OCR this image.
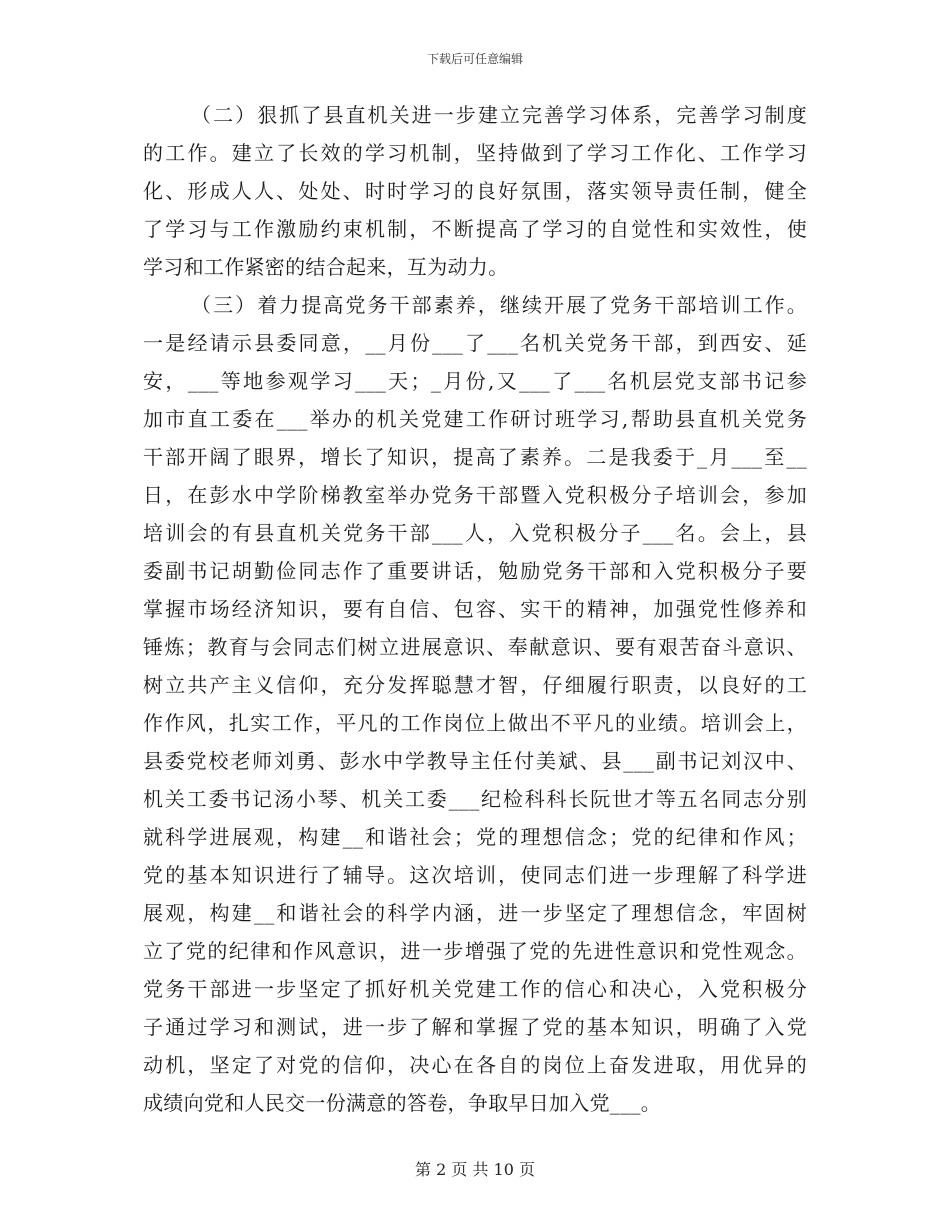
下载后可任意编辑
（二）狠抓了县直机关进一步建立完善学习体系，完善学习制度
的工作。建立了长效的学习机制，坚持做到了学习工作化、工作学习
化、形成人人、处处、时时学习的良好氛围，落实领导责任制，健全
了学习与工作激励约束机制，不断提高了学习的自觉性和实效性，使
学习和工作紧密的结合起来，互为动力。
（三）着力提高党务干部素养，继续开展了党务干部培训工作。
一是经请示县委同意，__月份___了___名机关党务干部，到西安、延
安，___等地参观学习___天；_月份,又___了___名机层党支部书记参
加市直工委在___举办的机关党建工作研讨班学习,帮助县直机关党务
干部开阔了眼界，增长了知识，提高了素养。二是我委于_月___至__
日，在彭水中学阶梯教室举办党务干部暨入党积极分子培训会，参加
培训会的有县直机关党务干部___人，入党积极分子___名。会上，县
委副书记胡勤俭同志作了重要讲话，勉励党务干部和入党积极分子要
掌握市场经济知识，要有自信、包容、实干的精神，加强党性修养和
锤炼；教育与会同志们树立进展意识、奉献意识、要有艰苦奋斗意识、
树立共产主义信仰，充分发挥聪慧才智，仔细履行职责，以良好的工
作作风，扎实工作，平凡的工作岗位上做出不平凡的业绩。培训会上，
县委党校老师刘勇、彭水中学教导主任付美斌、县___副书记刘汉中、
机关工委书记汤小琴、机关工委___纪检科科长阮世才等五名同志分别
就科学进展观，构建__和谐社会；党的理想信念；党的纪律和作风；
党的基本知识进行了辅导。这次培训，使同志们进一步理解了科学进
展观，构建__和谐社会的科学内涵，进一步坚定了理想信念，牢固树
立了党的纪律和作风意识，进一步增强了党的先进性意识和党性观念。
党务干部进一步坚定了抓好机关党建工作的信心和决心，入党积极分
子通过学习和测试，进一步了解和掌握了党的基本知识，明确了入党
动机，坚定了对党的信仰，决心在各自的岗位上奋发进取，用优异的
成绩向党和人民交一份满意的答卷，争取早日加入党___。
第 2 页 共 10 页
